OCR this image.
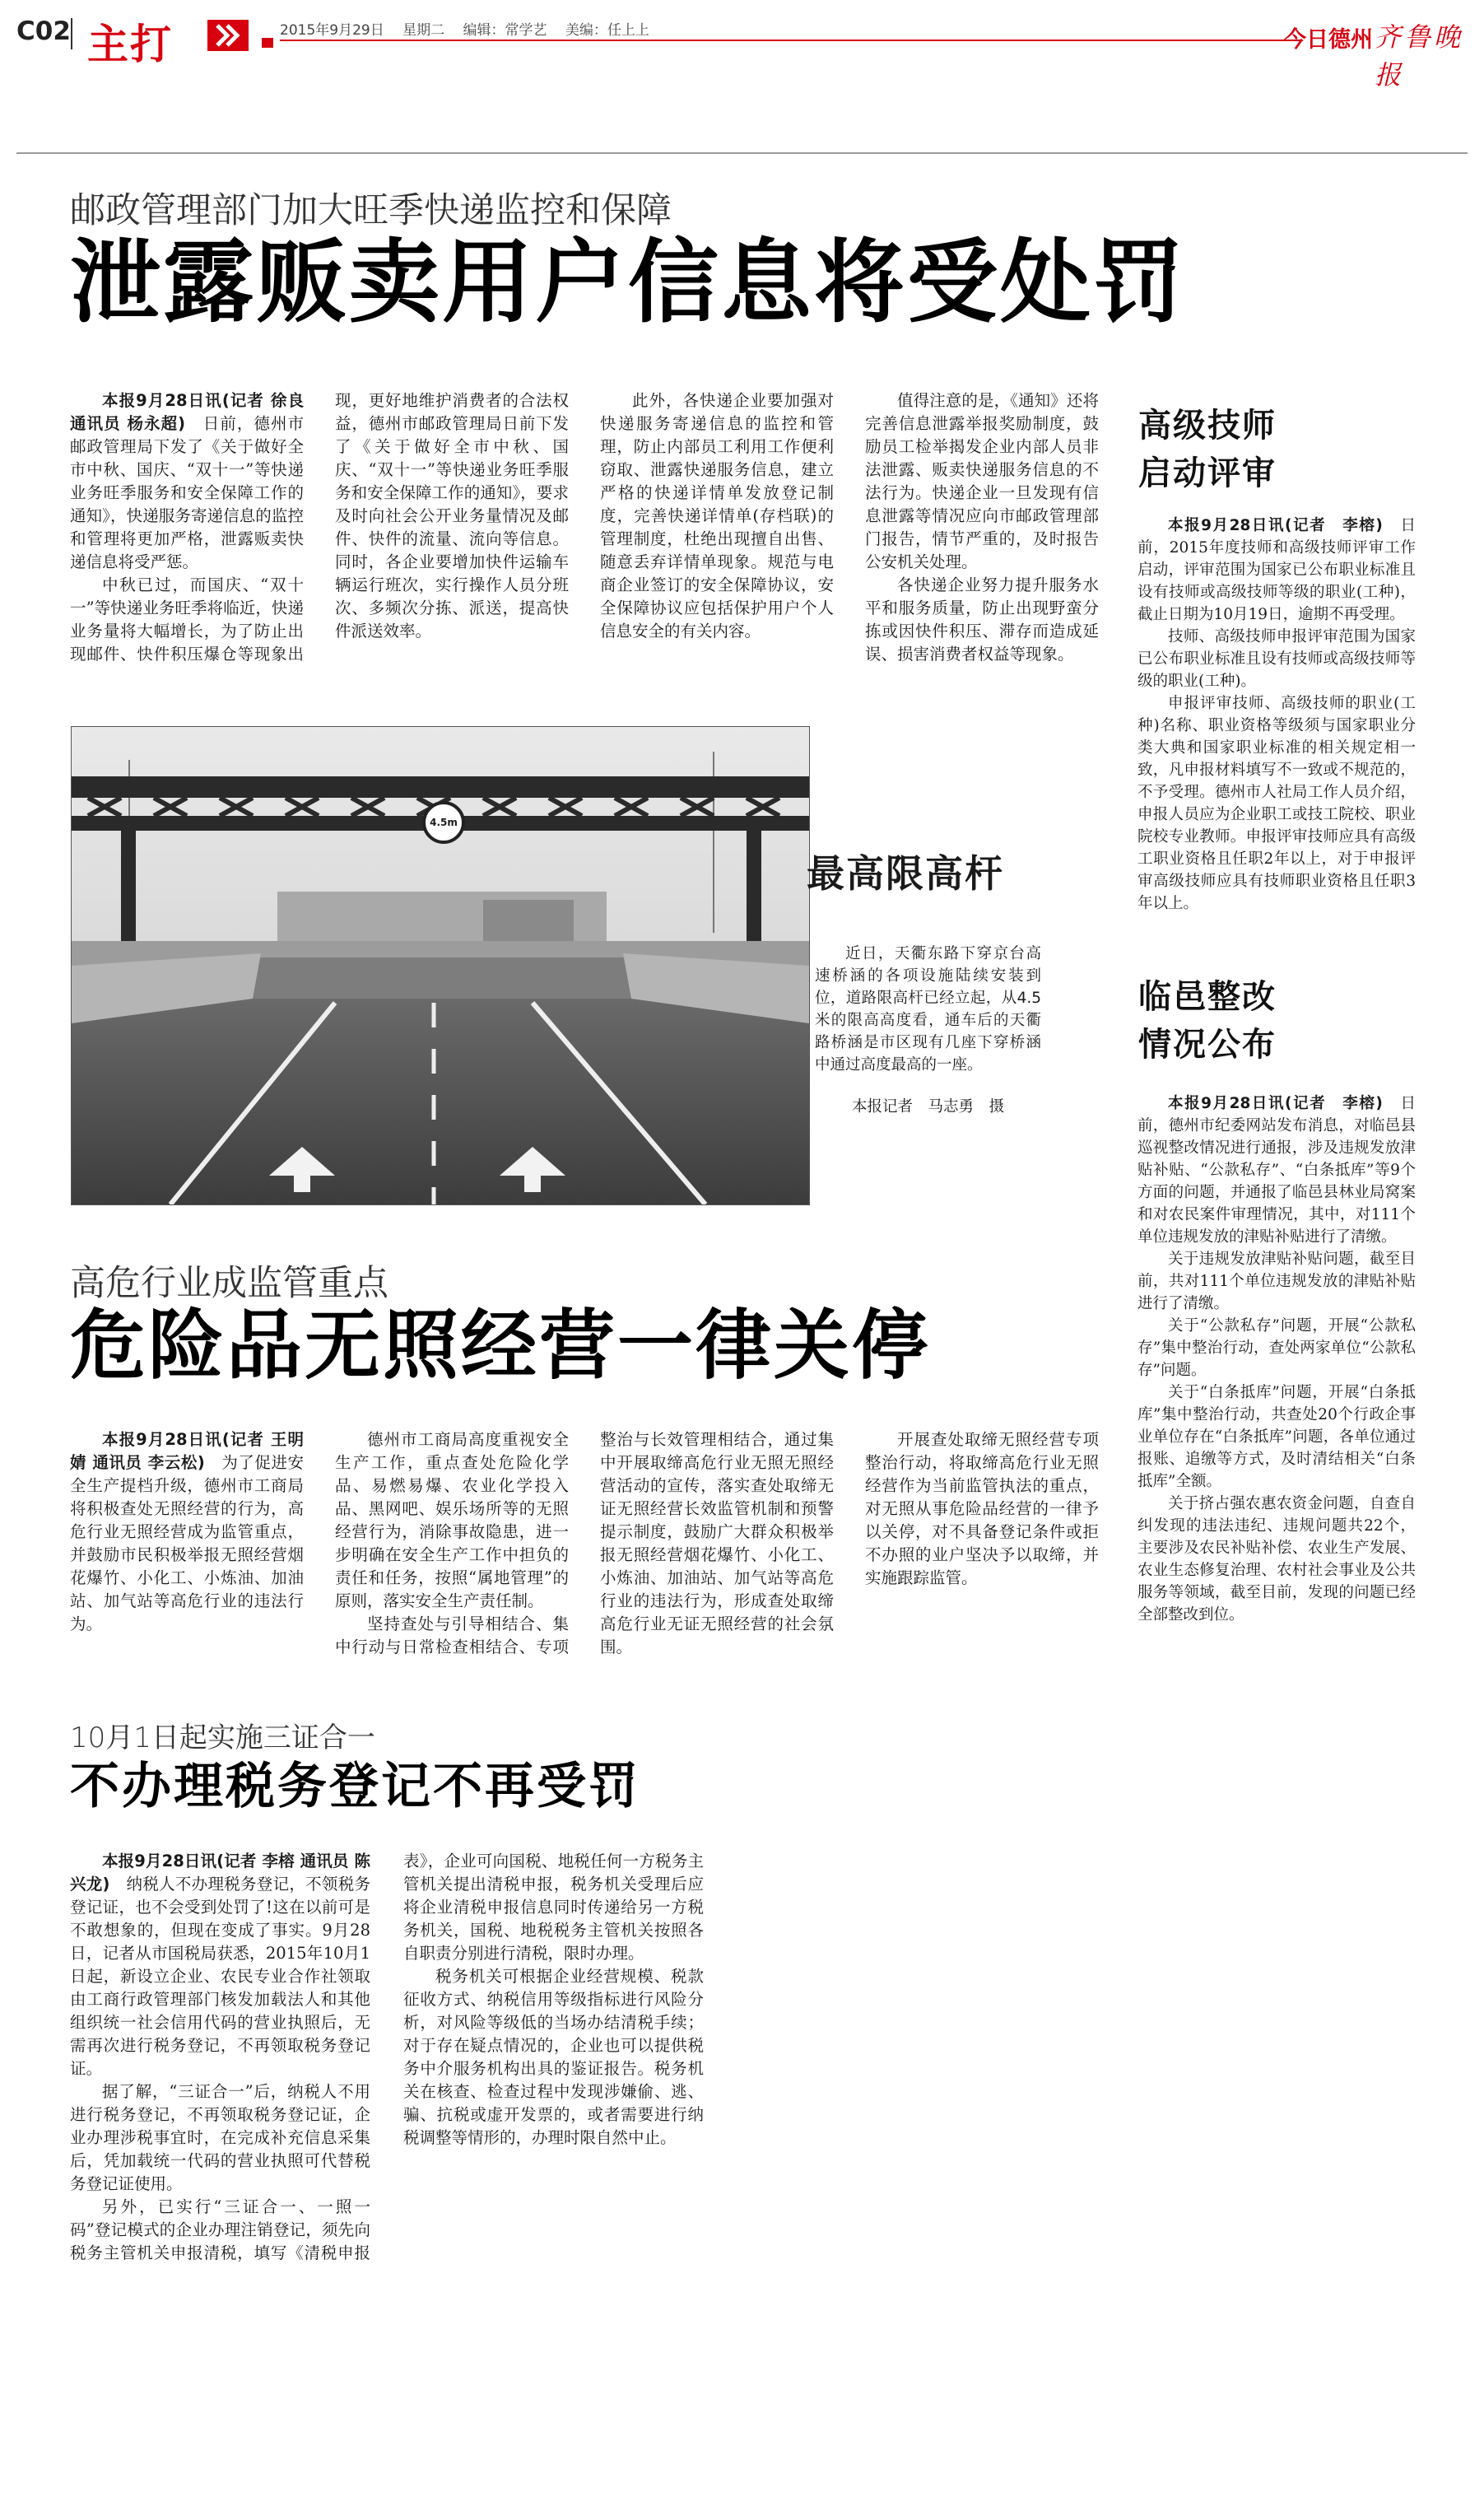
C02 主打	2015年9月29日　 星期二　 编辑：常学艺　 美编：任上上	今日德州 齐鲁晚报
邮政管理部门加大旺季快递监控和保障
泄露贩卖用户信息将受处罚

本报9月28日讯(记者 徐良 通讯员 杨永超)　 日前，德州市邮政管理局下发了《关于做好全市中秋、国庆、“双十一”等快递业务旺季服务和安全保障工作的通知》，快递服务寄递信息的监控和管理将更加严格，泄露贩卖快递信息将受严惩。

中秋已过，而国庆、“双十一”等快递业务旺季将临近，快递业务量将大幅增长，为了防止出现邮件、快件积压爆仓等现象出现，更好地维护消费者的合法权益，德州市邮政管理局日前下发了《关于做好全市中秋、国庆、“双十一”等快递业务旺季服务和安全保障工作的通知》，要求及时向社会公开业务量情况及邮件、快件的流量、流向等信息。同时，各企业要增加快件运输车辆运行班次，实行操作人员分班次、多频次分拣、派送，提高快件派送效率。

此外，各快递企业要加强对快递服务寄递信息的监控和管理，防止内部员工利用工作便利窃取、泄露快递服务信息，建立严格的快递详情单发放登记制度，完善快递详情单(存档联)的管理制度，杜绝出现擅自出售、随意丢弃详情单现象。规范与电商企业签订的安全保障协议，安全保障协议应包括保护用户个人信息安全的有关内容。

值得注意的是，《通知》还将完善信息泄露举报奖励制度，鼓励员工检举揭发企业内部人员非法泄露、贩卖快递服务信息的不法行为。快递企业一旦发现有信息泄露等情况应向市邮政管理部门报告，情节严重的，及时报告公安机关处理。

各快递企业努力提升服务水平和服务质量，防止出现野蛮分拣或因快件积压、滞存而造成延误、损害消费者权益等现象。

4.5m
最高限高杆
近日，天衢东路下穿京台高速桥涵的各项设施陆续安装到位，道路限高杆已经立起，从4.5米的限高高度看，通车后的天衢路桥涵是市区现有几座下穿桥涵中通过高度最高的一座。
本报记者　马志勇　摄
高危行业成监管重点
危险品无照经营一律关停

本报9月28日讯(记者 王明婧 通讯员 李云松)　 为了促进安全生产提档升级，德州市工商局将积极查处无照经营的行为，高危行业无照经营成为监管重点，并鼓励市民积极举报无照经营烟花爆竹、小化工、小炼油、加油站、加气站等高危行业的违法行为。

德州市工商局高度重视安全生产工作，重点查处危险化学品、易燃易爆、农业化学投入品、黑网吧、娱乐场所等的无照经营行为，消除事故隐患，进一步明确在安全生产工作中担负的责任和任务，按照“属地管理”的原则，落实安全生产责任制。

坚持查处与引导相结合、集中行动与日常检查相结合、专项整治与长效管理相结合，通过集中开展取缔高危行业无照无照经营活动的宣传，落实查处取缔无证无照经营长效监管机制和预警提示制度，鼓励广大群众积极举报无照经营烟花爆竹、小化工、小炼油、加油站、加气站等高危行业的违法行为，形成查处取缔高危行业无证无照经营的社会氛围。

开展查处取缔无照经营专项整治行动，将取缔高危行业无照经营作为当前监管执法的重点，对无照从事危险品经营的一律予以关停，对不具备登记条件或拒不办照的业户坚决予以取缔，并实施跟踪监管。

10月1日起实施三证合一
不办理税务登记不再受罚

本报9月28日讯(记者 李榕 通讯员 陈兴龙)　 纳税人不办理税务登记，不领税务登记证，也不会受到处罚了!这在以前可是不敢想象的，但现在变成了事实。9月28日，记者从市国税局获悉，2015年10月1日起，新设立企业、农民专业合作社领取由工商行政管理部门核发加载法人和其他组织统一社会信用代码的营业执照后，无需再次进行税务登记，不再领取税务登记证。

据了解，“三证合一”后，纳税人不用进行税务登记，不再领取税务登记证，企业办理涉税事宜时，在完成补充信息采集后，凭加载统一代码的营业执照可代替税务登记证使用。

另外，已实行“三证合一、一照一码”登记模式的企业办理注销登记，须先向税务主管机关申报清税，填写《清税申报表》，企业可向国税、地税任何一方税务主管机关提出清税申报，税务机关受理后应将企业清税申报信息同时传递给另一方税务机关，国税、地税税务主管机关按照各自职责分别进行清税，限时办理。

税务机关可根据企业经营规模、税款征收方式、纳税信用等级指标进行风险分析，对风险等级低的当场办结清税手续；对于存在疑点情况的，企业也可以提供税务中介服务机构出具的鉴证报告。税务机关在核查、检查过程中发现涉嫌偷、逃、骗、抗税或虚开发票的，或者需要进行纳税调整等情形的，办理时限自然中止。

高级技师
启动评审

本报9月28日讯(记者　李榕)　 日前，2015年度技师和高级技师评审工作启动，评审范围为国家已公布职业标准且设有技师或高级技师等级的职业(工种)，截止日期为10月19日，逾期不再受理。

技师、高级技师申报评审范围为国家已公布职业标准且设有技师或高级技师等级的职业(工种)。

申报评审技师、高级技师的职业(工种)名称、职业资格等级须与国家职业分类大典和国家职业标准的相关规定相一致，凡申报材料填写不一致或不规范的，不予受理。德州市人社局工作人员介绍，申报人员应为企业职工或技工院校、职业院校专业教师。申报评审技师应具有高级工职业资格且任职2年以上，对于申报评审高级技师应具有技师职业资格且任职3年以上。

临邑整改
情况公布

本报9月28日讯(记者　李榕)　 日前，德州市纪委网站发布消息，对临邑县巡视整改情况进行通报，涉及违规发放津贴补贴、“公款私存”、“白条抵库”等9个方面的问题，并通报了临邑县林业局窝案和对农民案件审理情况，其中，对111个单位违规发放的津贴补贴进行了清缴。

关于违规发放津贴补贴问题，截至目前，共对111个单位违规发放的津贴补贴进行了清缴。

关于“公款私存”问题，开展“公款私存”集中整治行动，查处两家单位“公款私存”问题。

关于“白条抵库”问题，开展“白条抵库”集中整治行动，共查处20个行政企事业单位存在“白条抵库”问题，各单位通过报账、追缴等方式，及时清结相关“白条抵库”全额。

关于挤占强农惠农资金问题，自查自纠发现的违法违纪、违规问题共22个，主要涉及农民补贴补偿、农业生产发展、农业生态修复治理、农村社会事业及公共服务等领域，截至目前，发现的问题已经全部整改到位。
